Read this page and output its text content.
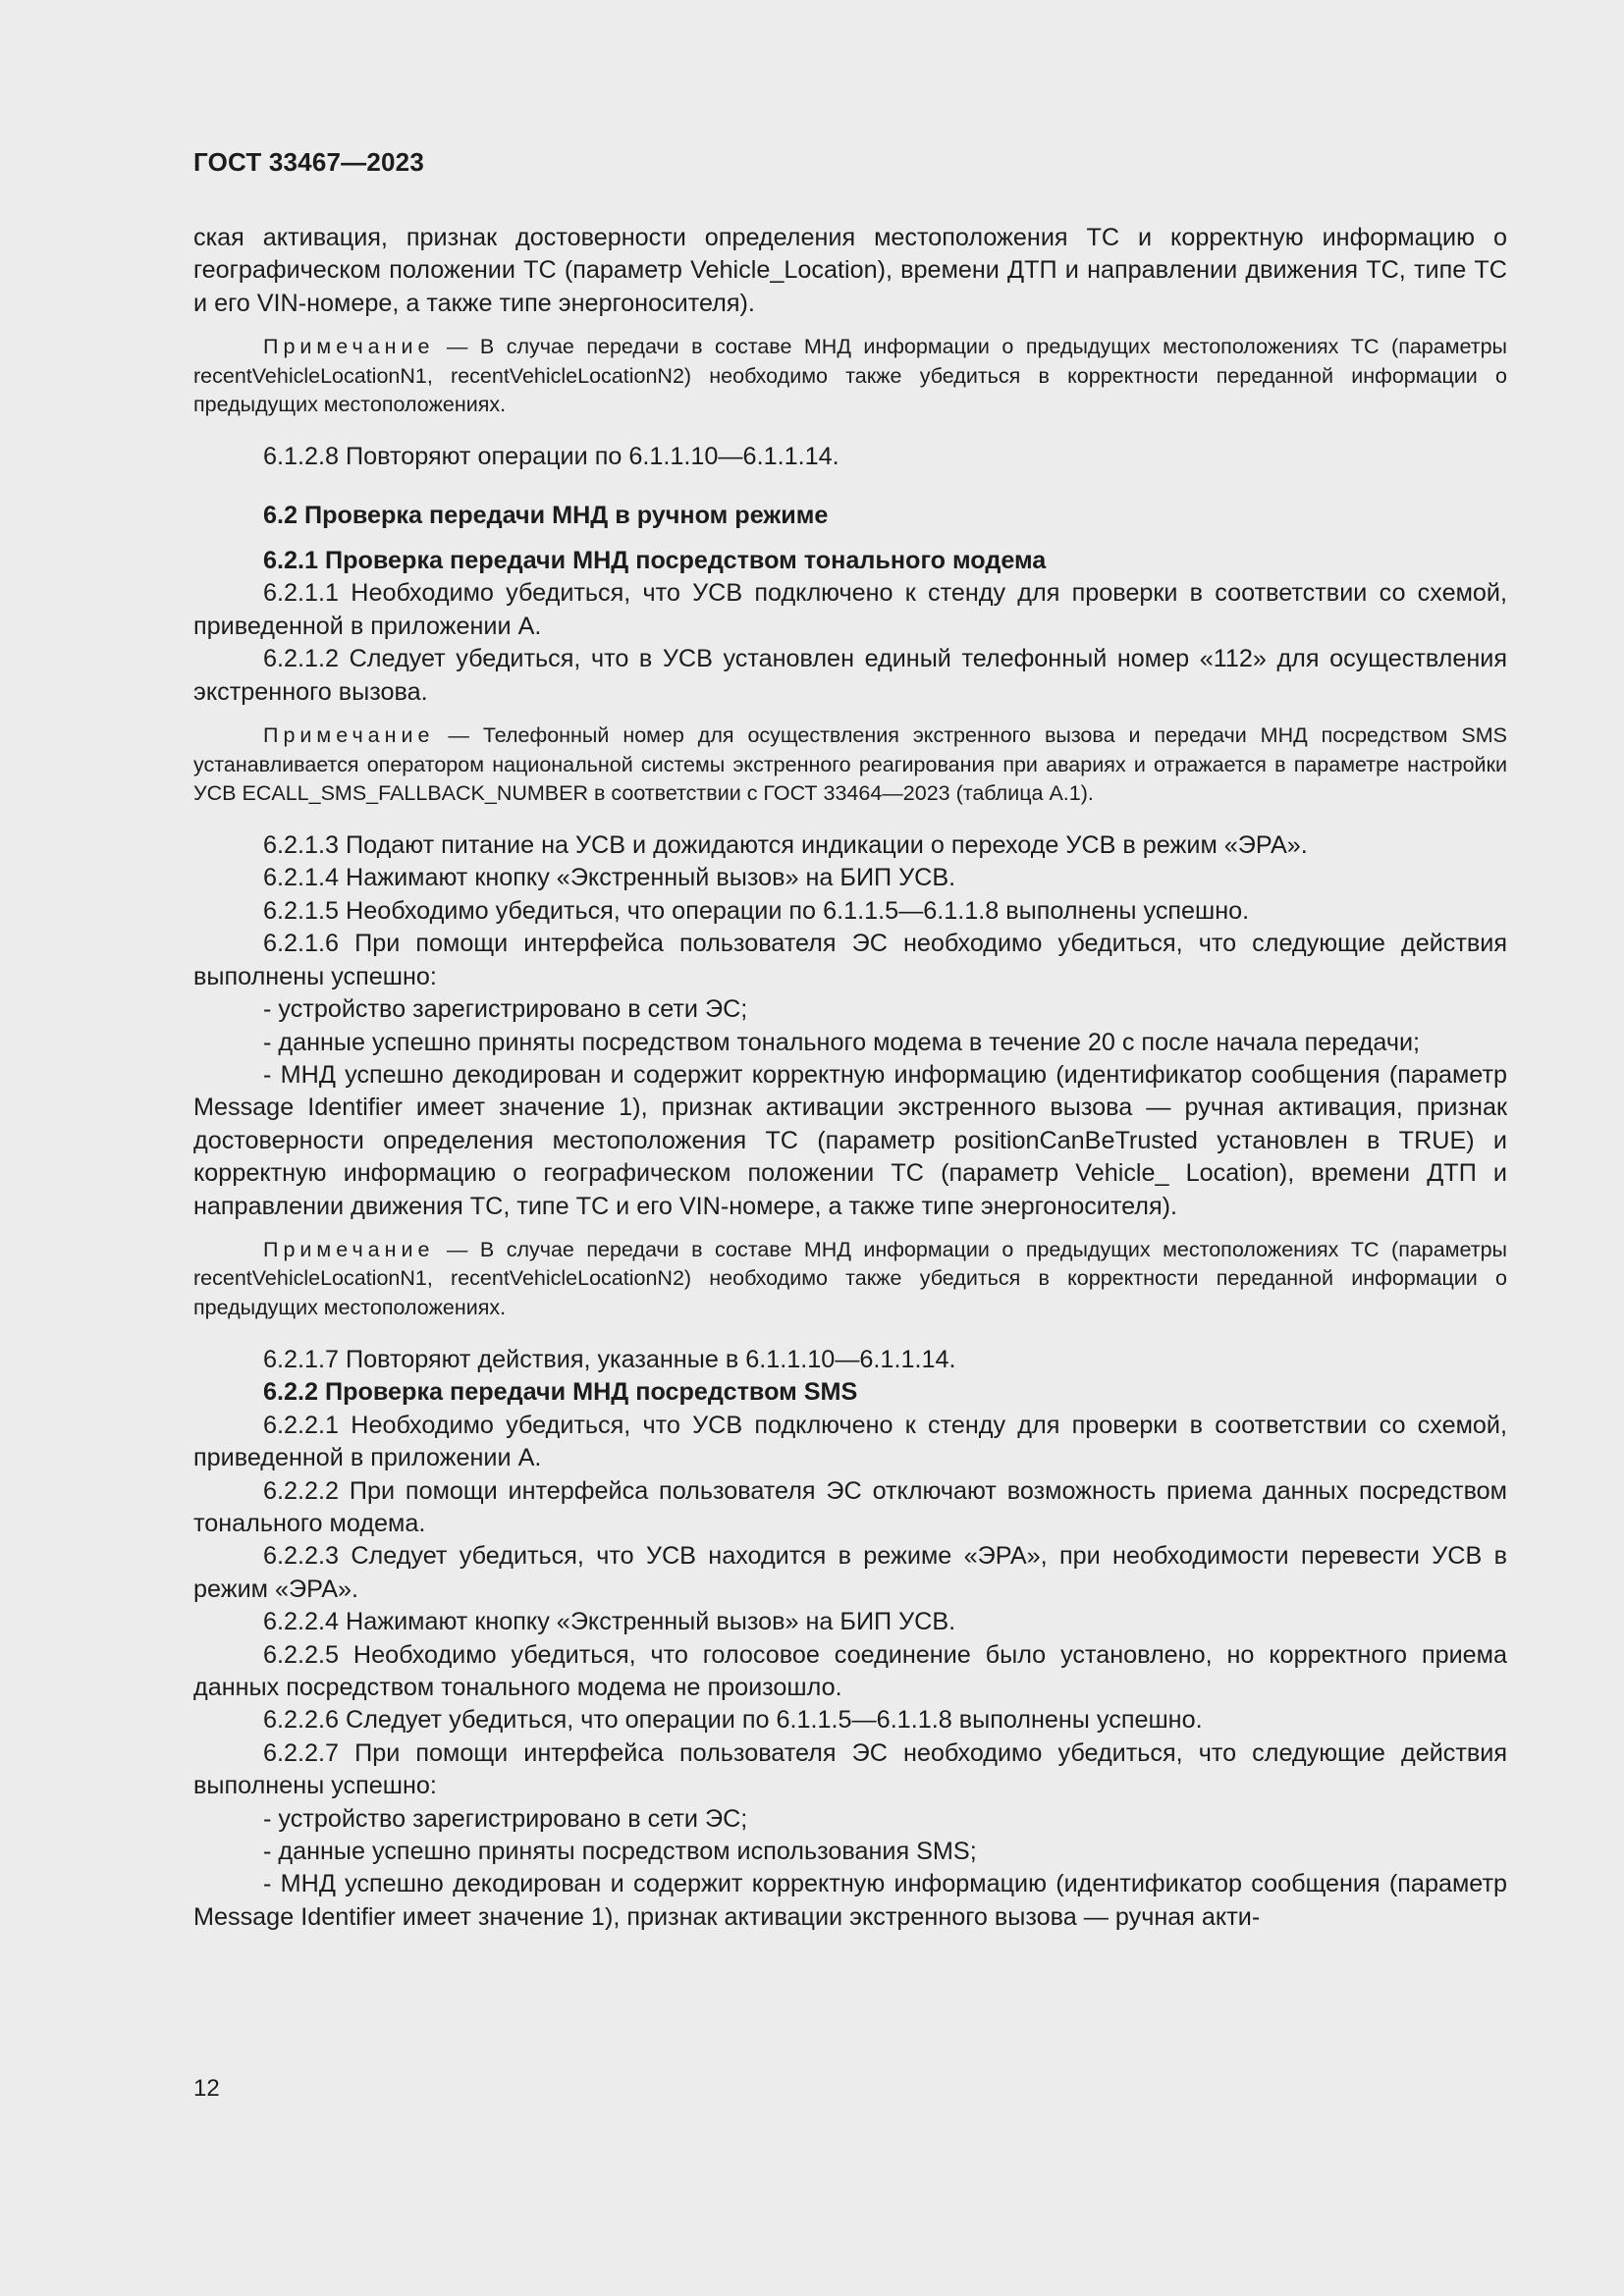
ГОСТ 33467—2023

ская активация, признак достоверности определения местоположения ТС и корректную информацию о географическом положении ТС (параметр Vehicle_Location), времени ДТП и направлении движения ТС, типе ТС и его VIN-номере, а также типе энергоносителя).

Примечание — В случае передачи в составе МНД информации о предыдущих местоположениях ТС (параметры recentVehicleLocationN1, recentVehicleLocationN2) необходимо также убедиться в корректности переданной информации о предыдущих местоположениях.

6.1.2.8 Повторяют операции по 6.1.1.10—6.1.1.14.

6.2 Проверка передачи МНД в ручном режиме

6.2.1 Проверка передачи МНД посредством тонального модема

6.2.1.1 Необходимо убедиться, что УСВ подключено к стенду для проверки в соответствии со схемой, приведенной в приложении А.

6.2.1.2 Следует убедиться, что в УСВ установлен единый телефонный номер «112» для осуществления экстренного вызова.

Примечание — Телефонный номер для осуществления экстренного вызова и передачи МНД посредством SMS устанавливается оператором национальной системы экстренного реагирования при авариях и отражается в параметре настройки УСВ ECALL_SMS_FALLBACK_NUMBER в соответствии с ГОСТ 33464—2023 (таблица А.1).

6.2.1.3 Подают питание на УСВ и дожидаются индикации о переходе УСВ в режим «ЭРА».

6.2.1.4 Нажимают кнопку «Экстренный вызов» на БИП УСВ.

6.2.1.5 Необходимо убедиться, что операции по 6.1.1.5—6.1.1.8 выполнены успешно.

6.2.1.6 При помощи интерфейса пользователя ЭС необходимо убедиться, что следующие действия выполнены успешно:

- устройство зарегистрировано в сети ЭС;

- данные успешно приняты посредством тонального модема в течение 20 с после начала передачи;

- МНД успешно декодирован и содержит корректную информацию (идентификатор сообщения (параметр Message Identifier имеет значение 1), признак активации экстренного вызова — ручная активация, признак достоверности определения местоположения ТС (параметр positionCanBeTrusted установлен в TRUE) и корректную информацию о географическом положении ТС (параметр Vehicle_ Location), времени ДТП и направлении движения ТС, типе ТС и его VIN-номере, а также типе энергоносителя).

Примечание — В случае передачи в составе МНД информации о предыдущих местоположениях ТС (параметры recentVehicleLocationN1, recentVehicleLocationN2) необходимо также убедиться в корректности переданной информации о предыдущих местоположениях.

6.2.1.7 Повторяют действия, указанные в 6.1.1.10—6.1.1.14.

6.2.2 Проверка передачи МНД посредством SMS

6.2.2.1 Необходимо убедиться, что УСВ подключено к стенду для проверки в соответствии со схемой, приведенной в приложении А.

6.2.2.2 При помощи интерфейса пользователя ЭС отключают возможность приема данных посредством тонального модема.

6.2.2.3 Следует убедиться, что УСВ находится в режиме «ЭРА», при необходимости перевести УСВ в режим «ЭРА».

6.2.2.4 Нажимают кнопку «Экстренный вызов» на БИП УСВ.

6.2.2.5 Необходимо убедиться, что голосовое соединение было установлено, но корректного приема данных посредством тонального модема не произошло.

6.2.2.6 Следует убедиться, что операции по 6.1.1.5—6.1.1.8 выполнены успешно.

6.2.2.7 При помощи интерфейса пользователя ЭС необходимо убедиться, что следующие действия выполнены успешно:

- устройство зарегистрировано в сети ЭС;

- данные успешно приняты посредством использования SMS;

- МНД успешно декодирован и содержит корректную информацию (идентификатор сообщения (параметр Message Identifier имеет значение 1), признак активации экстренного вызова — ручная акти-

12
